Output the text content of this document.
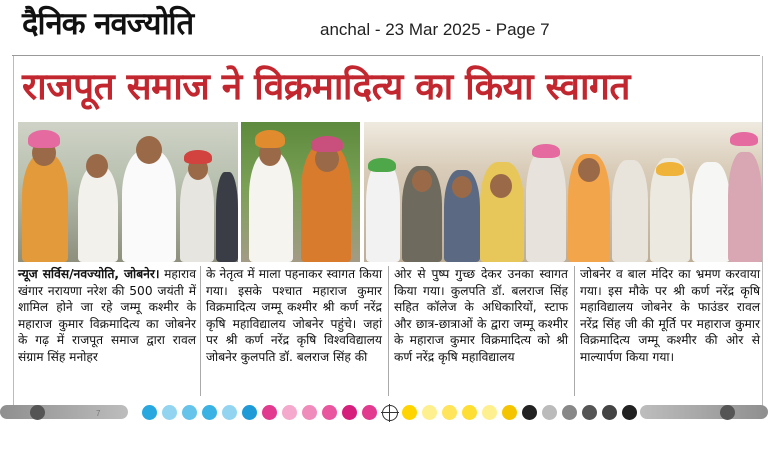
दैनिक नवज्योति	anchal - 23 Mar 2025 - Page 7
राजपूत समाज ने विक्रमादित्य का किया स्वागत
न्यूज सर्विस/नवज्योति, जोबनेर। महाराव खंगार नरायणा नरेश की 500 जयंती में शामिल होने जा रहे जम्मू कश्मीर के महाराज कुमार विक्रमादित्य का जोबनेर के गढ़ में राजपूत समाज द्वारा रावल संग्राम सिंह मनोहर
के नेतृत्व में माला पहनाकर स्वागत किया गया। इसके पश्चात महाराज कुमार विक्रमादित्य जम्मू कश्मीर श्री कर्ण नरेंद्र कृषि महाविद्यालय जोबनेर पहुंचे। जहां पर श्री कर्ण नरेंद्र कृषि विश्वविद्यालय जोबनेर कुलपति डॉ. बलराज सिंह की
ओर से पुष्प गुच्छ देकर उनका स्वागत किया गया। कुलपति डॉ. बलराज सिंह सहित कॉलेज के अधिकारियों, स्टाफ और छात्र-छात्राओं के द्वारा जम्मू कश्मीर के महाराज कुमार विक्रमादित्य को श्री कर्ण नरेंद्र कृषि महाविद्यालय
जोबनेर व बाल मंदिर का भ्रमण करवाया गया। इस मौके पर श्री कर्ण नरेंद्र कृषि महाविद्यालय जोबनेर के फाउंडर रावल नरेंद्र सिंह जी की मूर्ति पर महाराज कुमार विक्रमादित्य जम्मू कश्मीर की ओर से माल्यार्पण किया गया।
7
